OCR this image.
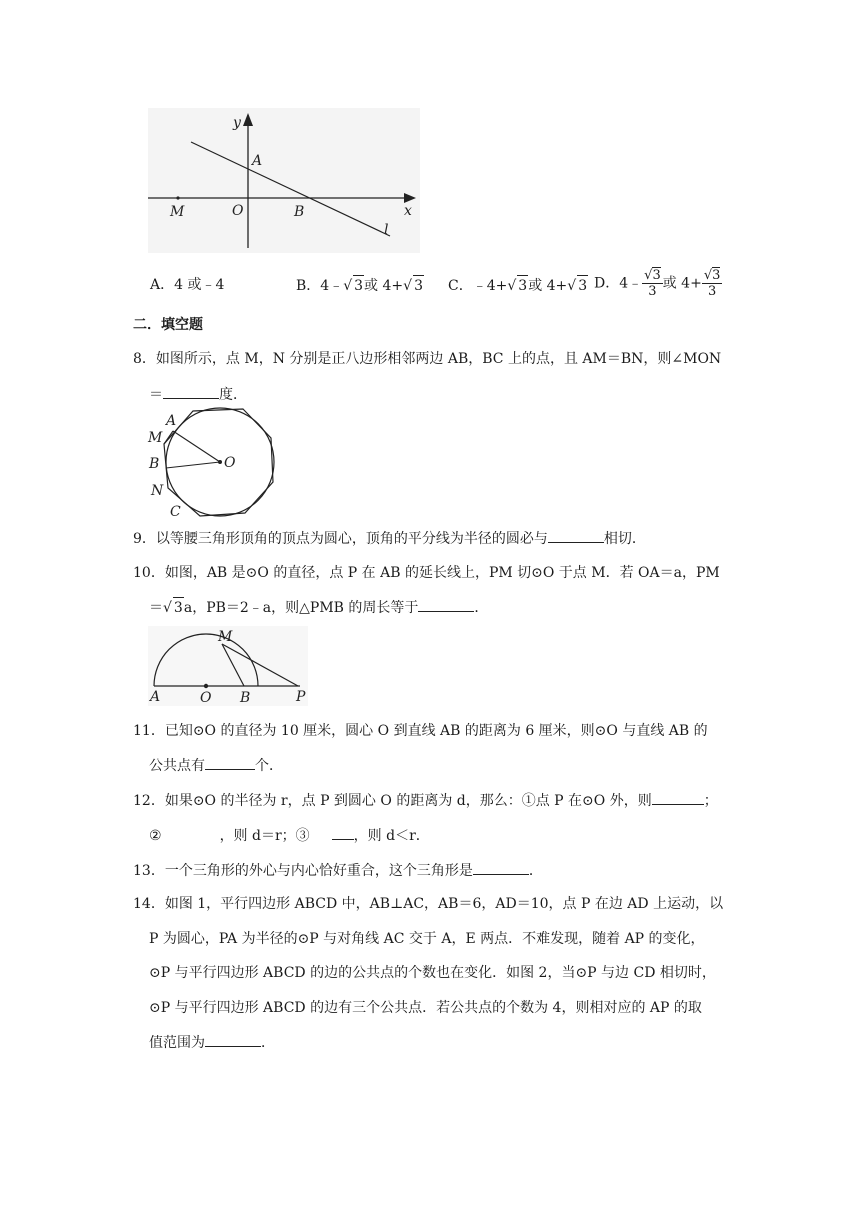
y
x
A
O	B
M
l
A．4 或﹣4	B．4﹣√ 3或 4+√ 3 C．﹣4+√ 3或 4+√ 3 D．4﹣ $\frac{√3}{3}$ 或 $4+ \frac{√3}{3}$
二．填空题
8．如图所示，点 M，N 分别是正八边形相邻两边 AB，BC 上的点，且 AM＝BN，则∠MON
＝	度．
A
M
B
N
C
O
9．以等腰三角形顶角的顶点为圆心，顶角的平分线为半径的圆必与	相切．
10．如图，AB 是⊙O 的直径，点 P 在 AB 的延长线上，PM 切⊙O 于点 M．若 OA＝a，PM
＝√ 3a，PB＝2﹣a，则△PMB 的周长等于	．
M
A	O B	P
11．已知⊙O 的直径为 10 厘米，圆心 O 到直线 AB 的距离为 6 厘米，则⊙O 与直线 AB 的
公共点有	个．
12．如果⊙O 的半径为 r，点 P 到圆心 O 的距离为 d，那么：①点 P 在⊙O 外，则	；
②	，则 d＝r；③	，则 d＜r．
13．一个三角形的外心与内心恰好重合，这个三角形是	．
14．如图 1，平行四边形 ABCD 中，AB⊥AC，AB＝6，AD＝10，点 P 在边 AD 上运动，以
P 为圆心，PA 为半径的⊙P 与对角线 AC 交于 A，E 两点．不难发现，随着 AP 的变化，
⊙P 与平行四边形 ABCD 的边的公共点的个数也在变化．如图 2，当⊙P 与边 CD 相切时，
⊙P 与平行四边形 ABCD 的边有三个公共点．若公共点的个数为 4，则相对应的 AP 的取
值范围为	．
